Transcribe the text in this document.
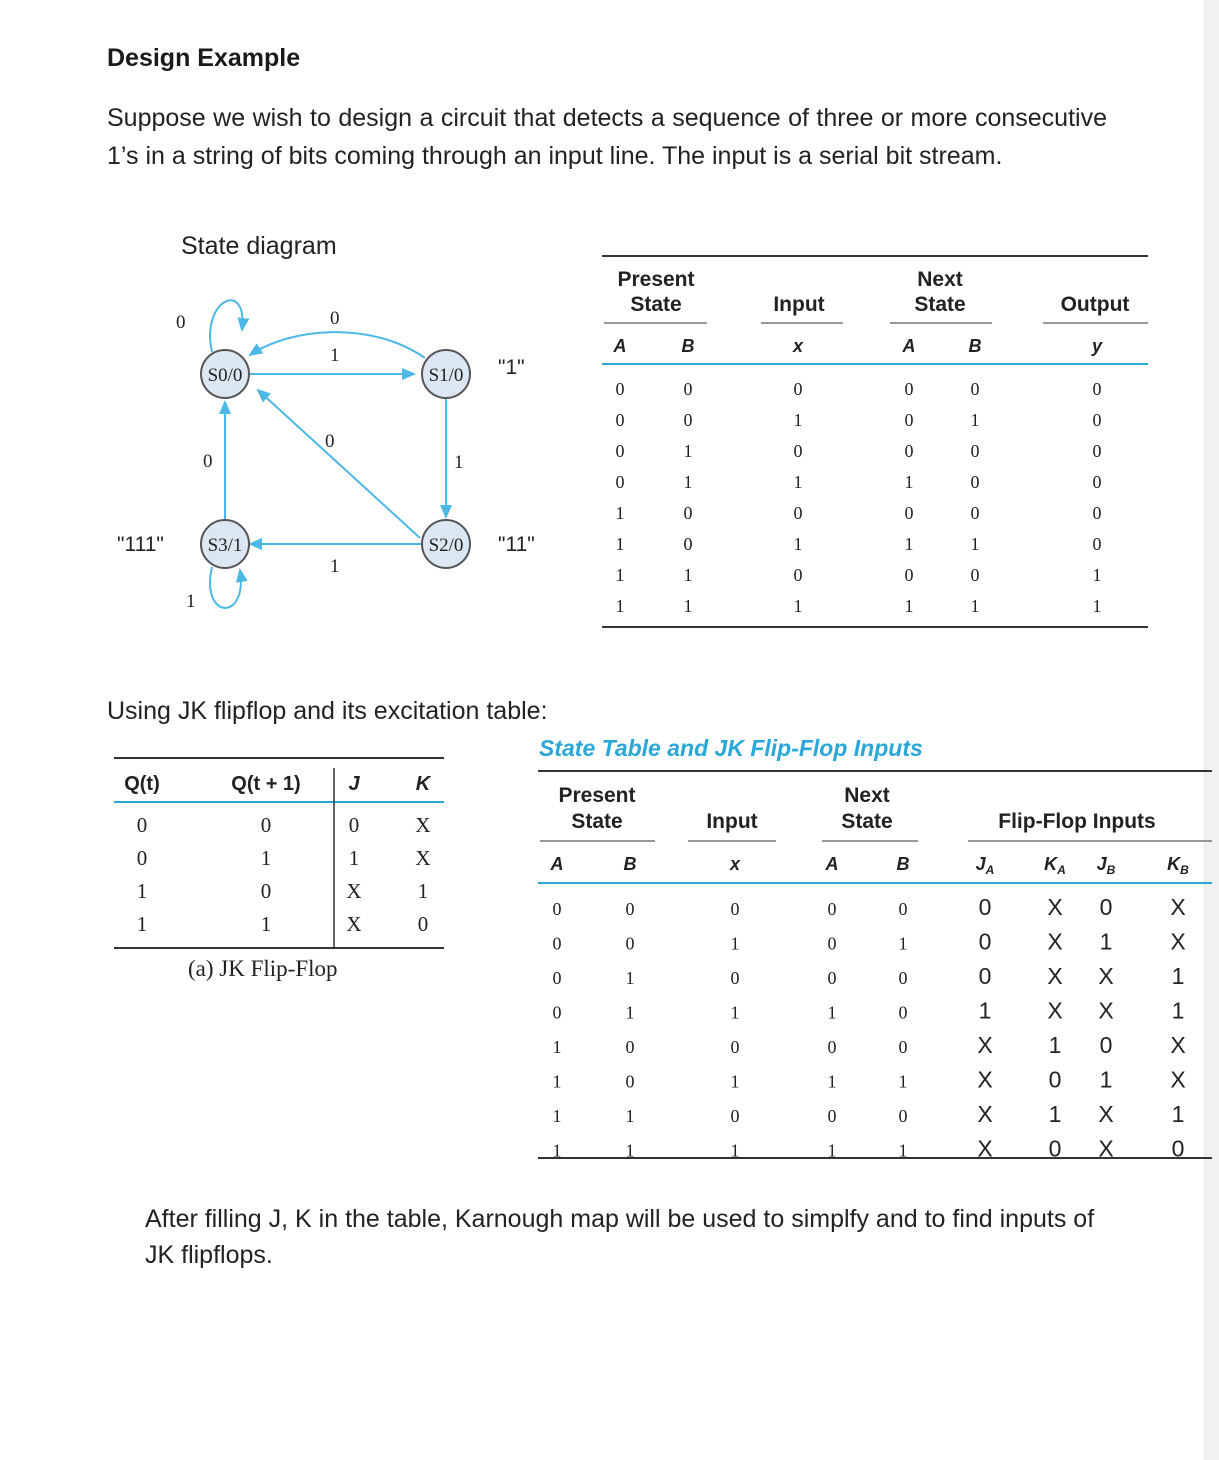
Design Example
Suppose we wish to design a circuit that detects a sequence of three or more consecutive 1’s in a string of bits coming through an input line. The input is a serial bit stream.
State diagram
S0/0	S1/0
S2/0
S3/1
0	0
1
0
0	1
1
1
"1"
"11"
"111"
Present
State	Input
Next
State	Output
A	B	x	A	B	y
0	0	0	0	0	0
0	0	1	0	1	0
0	1	0	0	0	0
0	1	1	1	0	0
1	0	0	0	0	0
1	0	1	1	1	0
1	1	0	0	0	1
1	1	1	1	1	1
Using JK flipflop and its excitation table:
Q(t)	Q(t + 1) J	K
0	0	0	X
0	1	1	X
1	0	X	1
1	1	X	0
(a) JK Flip-Flop
State Table and JK Flip-Flop Inputs
Present
State	Input
Next
State	Flip-Flop Inputs
A	B	x	A	B	$J_A$	$K_A$ $J_B$	$K_B$
0	0	0	0	0	0 X 0	X
0	0	1	0	1	0 X 1	X
0	1	0	0	0	0 X X	1
0	1	1	1	0	1 X X	1
1	0	0	0	0	X 1 0	X
1	0	1	1	1	X 0 1	X
1	1	0	0	0	X 1 X	1
1	1	1	1	1	X 0 X	0
After filling J, K in the table, Karnough map will be used to simplfy and to find inputs of JK flipflops.
